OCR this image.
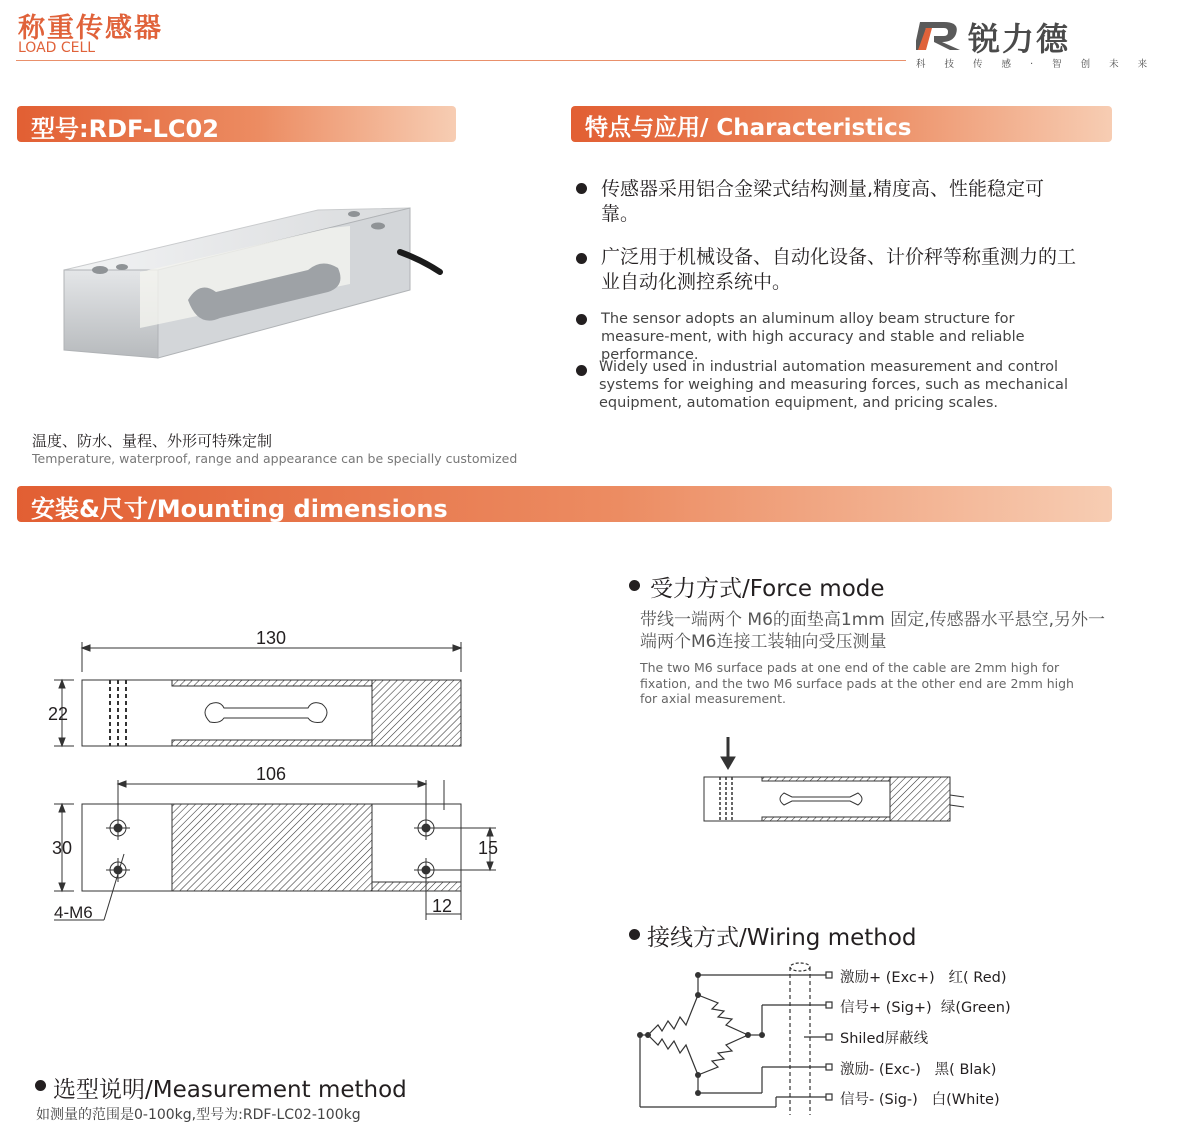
称重传感器
LOAD CELL	锐力德
科 技 传 感 · 智 创 未 来
型号:RDF-LC02	特点与应用/ Characteristics
温度、防水、量程、外形可特殊定制
Temperature, waterproof, range and appearance can be specially customized
传感器采用铝合金梁式结构测量,精度高、性能稳定可靠。
广泛用于机械设备、自动化设备、计价秤等称重测力的工业自动化测控系统中。
The sensor adopts an aluminum alloy beam structure for measure-ment, with high accuracy and stable and reliable performance.
Widely used in industrial automation measurement and control systems for weighing and measuring forces, such as mechanical equipment, automation equipment, and pricing scales.
安装&尺寸/Mounting dimensions
130
22
106
30	15
12
4-M6
受力方式/Force mode
带线一端两个 M6的面垫高1mm 固定,传感器水平悬空,另外一端两个M6连接工装轴向受压测量
The two M6 surface pads at one end of the cable are 2mm high for fixation, and the two M6 surface pads at the other end are 2mm high for axial measurement.
接线方式/Wiring method
激励+ (Exc+)   红( Red)
信号+ (Sig+)  绿(Green)
Shiled屏蔽线
激励- (Exc-)   黑( Blak)
信号- (Sig-)   白(White)
选型说明/Measurement method
如测量的范围是0-100kg,型号为:RDF-LC02-100kg
